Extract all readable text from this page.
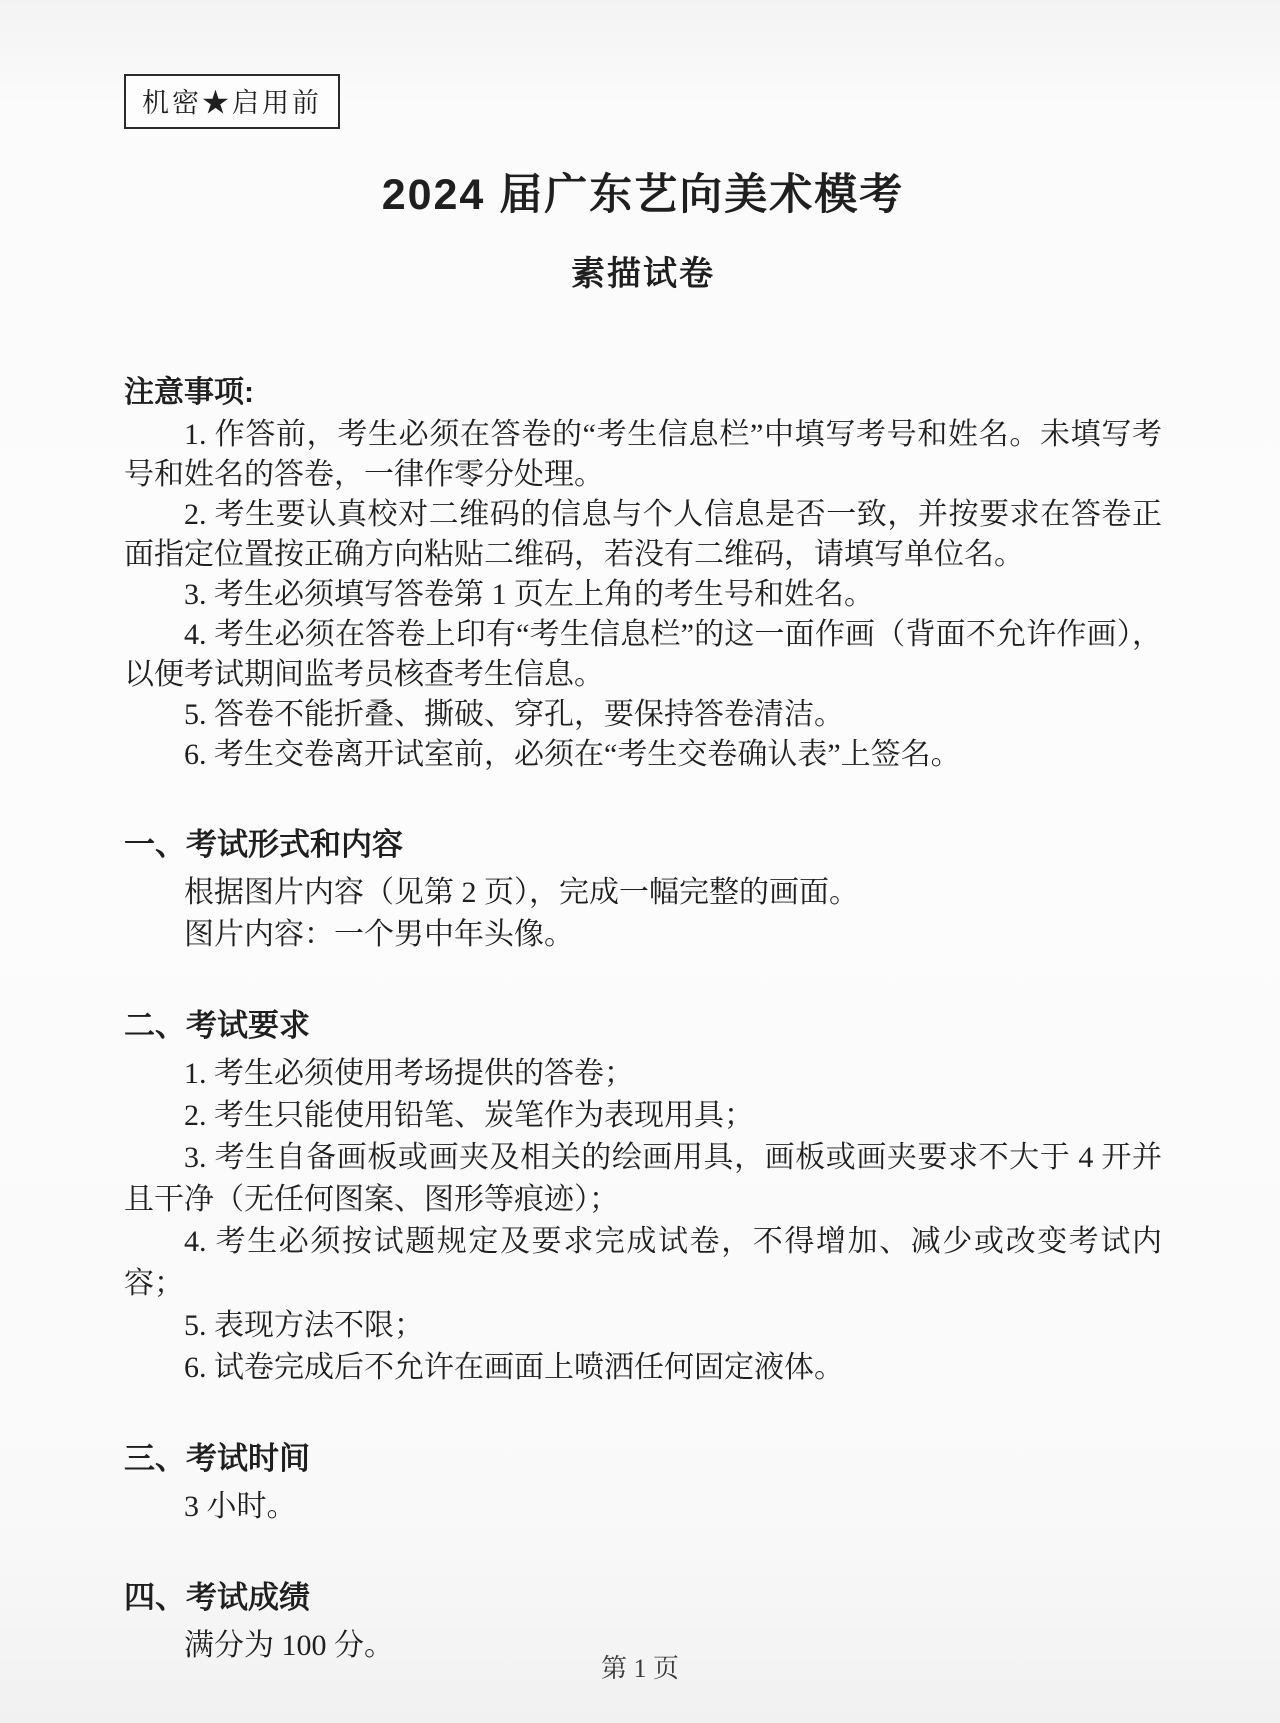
机密★启用前
2024 届广东艺向美术模考
素描试卷
注意事项:

1. 作答前，考生必须在答卷的“考生信息栏”中填写考号和姓名。未填写考号和姓名的答卷，一律作零分处理。

2. 考生要认真校对二维码的信息与个人信息是否一致，并按要求在答卷正面指定位置按正确方向粘贴二维码，若没有二维码，请填写单位名。

3. 考生必须填写答卷第 1 页左上角的考生号和姓名。

4. 考生必须在答卷上印有“考生信息栏”的这一面作画（背面不允许作画），以便考试期间监考员核查考生信息。

5. 答卷不能折叠、撕破、穿孔，要保持答卷清洁。

6. 考生交卷离开试室前，必须在“考生交卷确认表”上签名。

一、考试形式和内容

根据图片内容（见第 2 页），完成一幅完整的画面。

图片内容：一个男中年头像。

二、考试要求

1. 考生必须使用考场提供的答卷；

2. 考生只能使用铅笔、炭笔作为表现用具；

3. 考生自备画板或画夹及相关的绘画用具，画板或画夹要求不大于 4 开并且干净（无任何图案、图形等痕迹）；

4. 考生必须按试题规定及要求完成试卷，不得增加、减少或改变考试内容；

5. 表现方法不限；

6. 试卷完成后不允许在画面上喷洒任何固定液体。

三、考试时间

3 小时。

四、考试成绩

满分为 100 分。

第 1 页
